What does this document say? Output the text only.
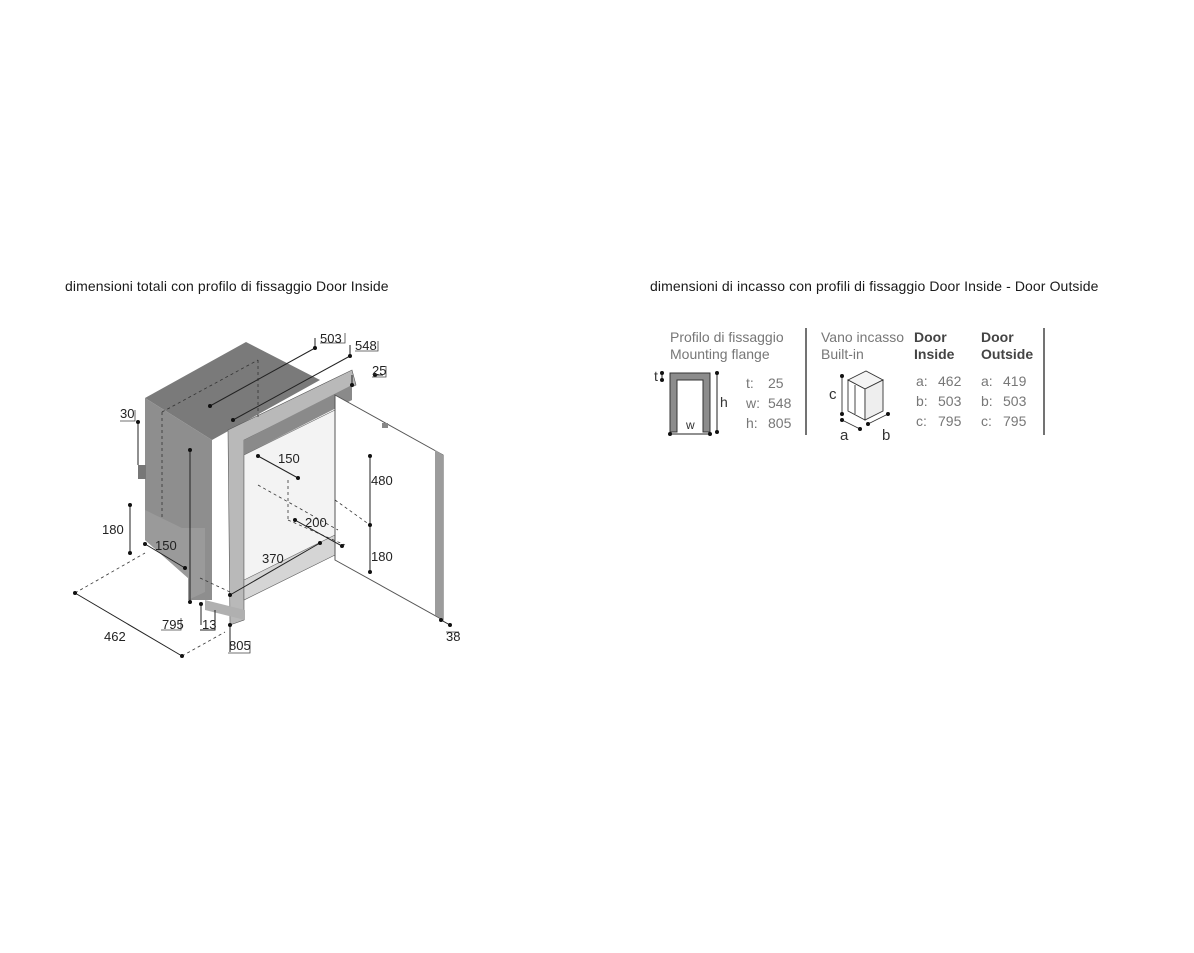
dimensioni totali con profilo di fissaggio Door Inside	dimensioni di incasso con profili di fissaggio Door Inside - Door Outside
503 548
25
30
150
480
200
180
150
370	180
795 13
462
805
38
Profilo di fissaggio
Mounting flange
t
h
w
t: 25
w: 548
h: 805
Vano incasso
Built-in
c
a b
Door
Inside
a: 462
b: 503
c: 795
Door
Outside
a: 419
b: 503
c: 795
